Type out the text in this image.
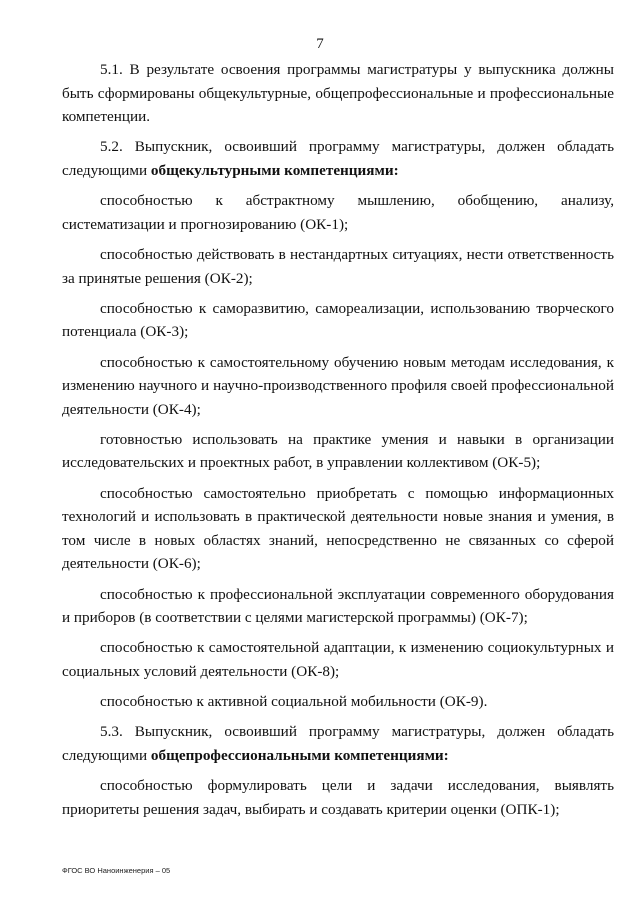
7

5.1. В результате освоения программы магистратуры у выпускника должны быть сформированы общекультурные, общепрофессиональные и профессиональные компетенции.

5.2. Выпускник, освоивший программу магистратуры, должен обладать следующими общекультурными компетенциями:

способностью к абстрактному мышлению, обобщению, анализу, систематизации и прогнозированию (ОК-1);

способностью действовать в нестандартных ситуациях, нести ответственность за принятые решения (ОК-2);

способностью к саморазвитию, самореализации, использованию творческого потенциала (ОК-3);

способностью к самостоятельному обучению новым методам исследования, к изменению научного и научно-производственного профиля своей профессиональной деятельности (ОК-4);

готовностью использовать на практике умения и навыки в организации исследовательских и проектных работ, в управлении коллективом (ОК-5);

способностью самостоятельно приобретать с помощью информационных технологий и использовать в практической деятельности новые знания и умения, в том числе в новых областях знаний, непосредственно не связанных со сферой деятельности (ОК-6);

способностью к профессиональной эксплуатации современного оборудования и приборов (в соответствии с целями магистерской программы) (ОК-7);

способностью к самостоятельной адаптации, к изменению социокультурных и социальных условий деятельности (ОК-8);

способностью к активной социальной мобильности (ОК-9).

5.3. Выпускник, освоивший программу магистратуры, должен обладать следующими общепрофессиональными компетенциями:

способностью формулировать цели и задачи исследования, выявлять приоритеты решения задач, выбирать и создавать критерии оценки (ОПК-1);

ФГОС ВО Наноинженерия – 05
